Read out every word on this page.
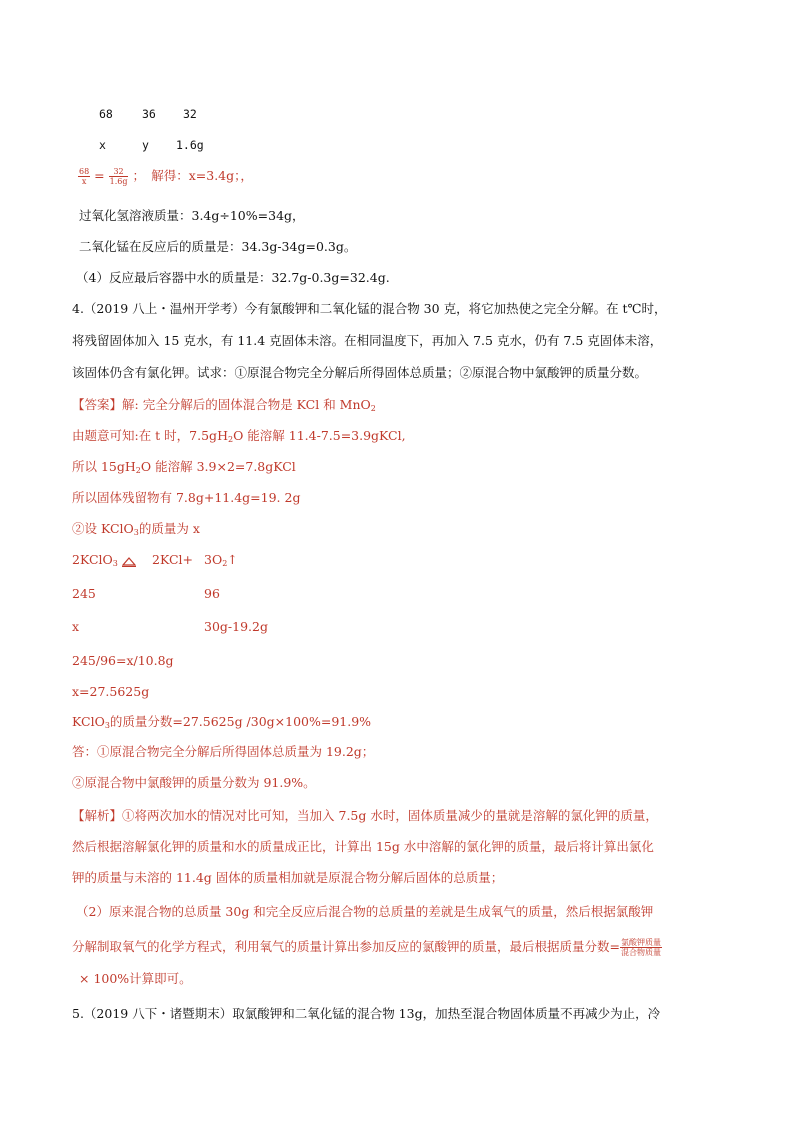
68	36 32
x	y 1.6g
$\frac{68}{x} = \frac{32}{1.6g}$ ；　解得：x=3.4g；，
过氧化氢溶液质量：3.4g÷10%=34g，
二氧化锰在反应后的质量是：34.3g-34g=0.3g。
（4）反应最后容器中水的质量是：32.7g-0.3g=32.4g.
4.（2019 八上・温州开学考）今有氯酸钾和二氧化锰的混合物 30 克，将它加热使之完全分解。在 t℃时，
将残留固体加入 15 克水，有 11.4 克固体未溶。在相同温度下，再加入 7.5 克水，仍有 7.5 克固体未溶，
该固体仍含有氯化钾。试求：①原混合物完全分解后所得固体总质量；②原混合物中氯酸钾的质量分数。
【答案】解: 完全分解后的固体混合物是 KCl 和 MnO$_2$
由题意可知:在 t 时，$7.5gH_2O$ 能溶解 11.4-7.5=3.9gKCl,
所以 $15gH_2O$ 能溶解 3.9×2=7.8gKCl
所以固体残留物有 7.8g+11.4g=19. 2g
②设 KClO$_3$的质量为 x
2KClO$_3$	$2KCl+ 3O_2↑$
245	96
x	30g-19.2g
245/96=x/10.8g
x=27.5625g
KClO$_3$的质量分数=27.5625g /30g×100%=91.9%
答：①原混合物完全分解后所得固体总质量为 19.2g；
②原混合物中氯酸钾的质量分数为 91.9%。
【解析】①将两次加水的情况对比可知，当加入 7.5g 水时，固体质量减少的量就是溶解的氯化钾的质量，
然后根据溶解氯化钾的质量和水的质量成正比，计算出 15g 水中溶解的氯化钾的质量，最后将计算出氯化
钾的质量与未溶的 11.4g 固体的质量相加就是原混合物分解后固体的总质量；
（2）原来混合物的总质量 30g 和完全反应后混合物的总质量的差就是生成氧气的质量，然后根据氯酸钾
分解制取氧气的化学方程式，利用氧气的质量计算出参加反应的氯酸钾的质量，最后根据质量分数= $\frac{\text{氯酸钾质量}}{\text{混合物质量}}$
× 100%计算即可。
5.（2019 八下・诸暨期末）取氯酸钾和二氧化锰的混合物 13g，加热至混合物固体质量不再减少为止，冷
